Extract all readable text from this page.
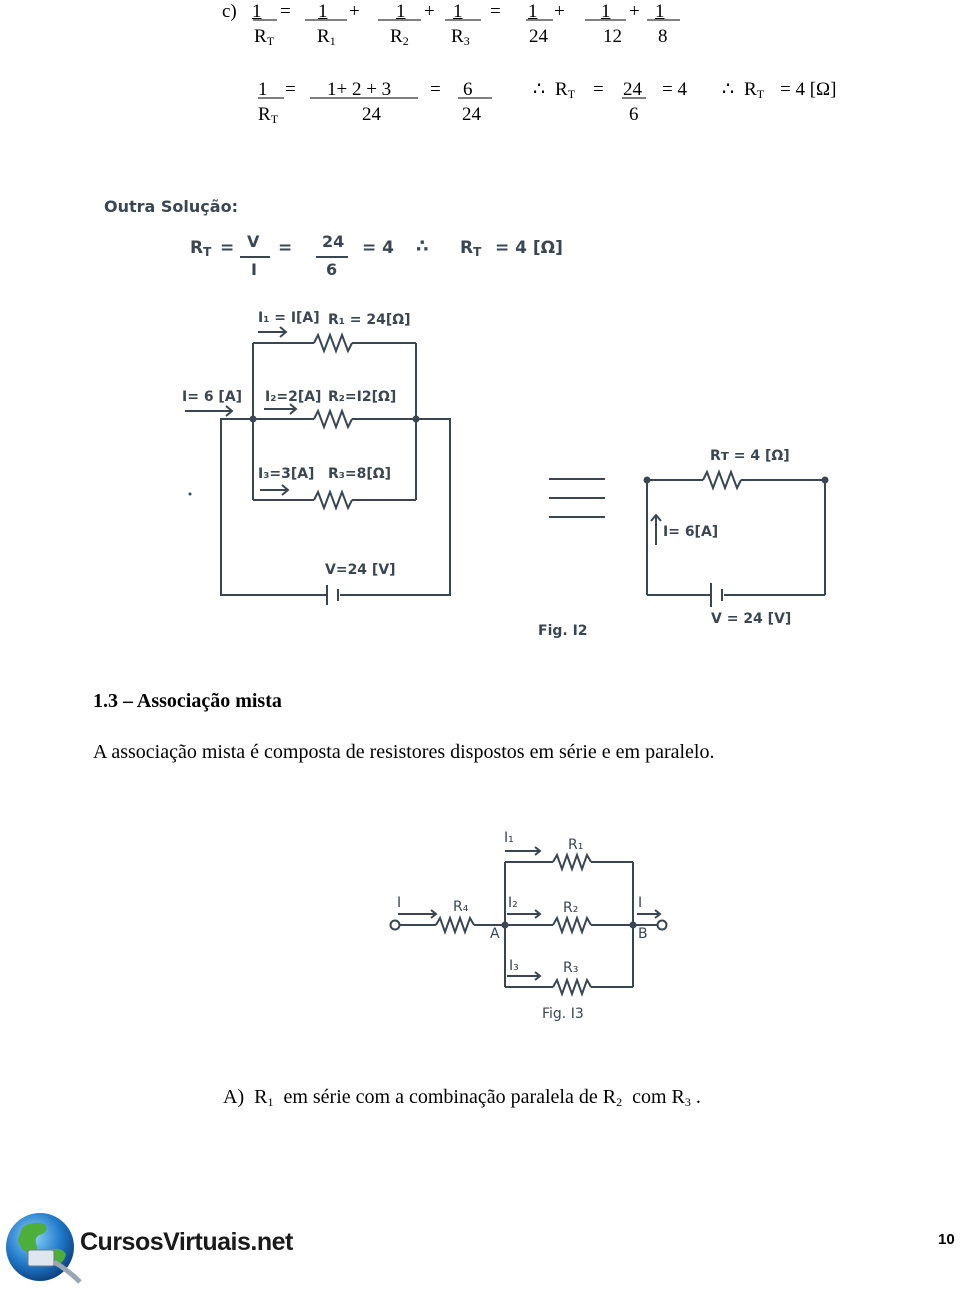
c) 1 = 1 + 1 + 1 = 1 + 1 + 1
$R_T$ $R_1$	$R_2$ $R_3$	24	12 8
1 = 1+ 2 + 3 = 6	∴ $R_T = 24 = 4$ ∴ $R_T = 4$ [Ω]
$R_T$	24	24	6
Outra Solução:
$R_T = V$
I
= 24
6
= 4 ∴ $R_T = 4$ [Ω]
I₁ = I[A] R₁ = 24[Ω]
I= 6 [A] I₂=2[A] R₂=I2[Ω]
I₃=3[A] R₃=8[Ω]
V=24 [V]
Rᴛ = 4 [Ω]
I= 6[A]
V = 24 [V]
Fig. I2
1.3 – Associação mista
A associação mista é composta de resistores dispostos em série e em paralelo.
I₁	R₁
I	R₄	I₂	R₂	I
A	B
I₃	R₃
Fig. I3
A) $R_1$ em série com a combinação paralela de $R_2$ com $R_3$ .
CursosVirtuais.net	10
